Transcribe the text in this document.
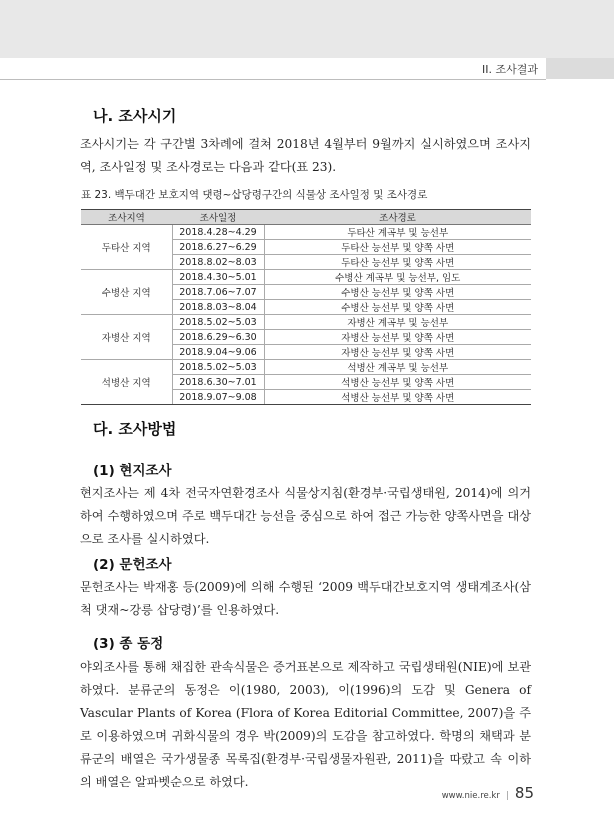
II. 조사결과
나. 조사시기
조사시기는 각 구간별 3차례에 걸쳐 2018년 4월부터 9월까지 실시하였으며 조사지역, 조사일정 및 조사경로는 다음과 같다(표 23).
표 23. 백두대간 보호지역 댓령~삽당령구간의 식물상 조사일정 및 조사경로
조사지역	조사일정	조사경로
두타산 지역	2018.4.28~4.29	두타산 계곡부 및 능선부
	2018.6.27~6.29	두타산 능선부 및 양쪽 사면
	2018.8.02~8.03	두타산 능선부 및 양쪽 사면
수병산 지역	2018.4.30~5.01	수병산 계곡부 및 능선부, 임도
	2018.7.06~7.07	수병산 능선부 및 양쪽 사면
	2018.8.03~8.04	수병산 능선부 및 양쪽 사면
자병산 지역	2018.5.02~5.03	자병산 계곡부 및 능선부
	2018.6.29~6.30	자병산 능선부 및 양쪽 사면
	2018.9.04~9.06	자병산 능선부 및 양쪽 사면
석병산 지역	2018.5.02~5.03	석병산 계곡부 및 능선부
	2018.6.30~7.01	석병산 능선부 및 양쪽 사면
	2018.9.07~9.08	석병산 능선부 및 양쪽 사면
다. 조사방법
(1) 현지조사
현지조사는 제 4차 전국자연환경조사 식물상지침(환경부·국립생태원, 2014)에 의거하여 수행하였으며 주로 백두대간 능선을 중심으로 하여 접근 가능한 양쪽사면을 대상으로 조사를 실시하였다.
(2) 문헌조사
문헌조사는 박재홍 등(2009)에 의해 수행된 ‘2009 백두대간보호지역 생태계조사(삼척 댓재~강릉 삽당령)’를 인용하였다.
(3) 종 동정
야외조사를 통해 채집한 관속식물은 증거표본으로 제작하고 국립생태원(NIE)에 보관하였다. 분류군의 동정은 이(1980, 2003), 이(1996)의 도감 및 Genera of Vascular Plants of Korea (Flora of Korea Editorial Committee, 2007)을 주로 이용하였으며 귀화식물의 경우 박(2009)의 도감을 참고하였다. 학명의 채택과 분류군의 배열은 국가생물종 목록집(환경부·국립생물자원관, 2011)을 따랐고 속 이하의 배열은 알파벳순으로 하였다.
www.nie.re.kr | 85
